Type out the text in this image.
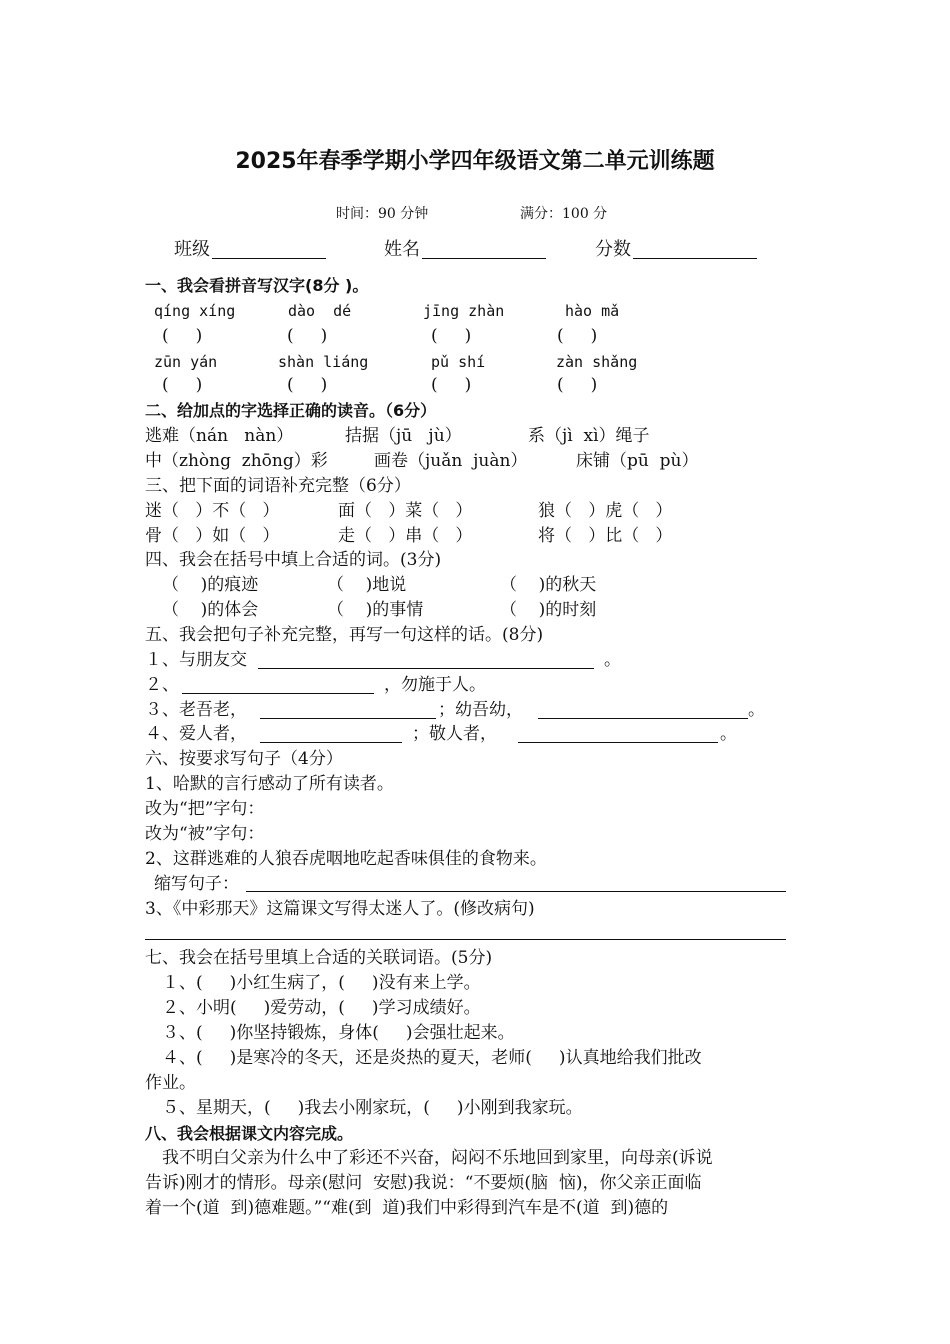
2025年春季学期小学四年级语文第二单元训练题
时间：90 分钟	满分：100 分
班级	姓名	分数
一、我会看拼音写汉字(8分 )。
qíng xíng	dào  dé	jīng zhàn	hào mǎ
(     )	(     )	(     )	(     )
zūn yán	shàn liáng	pǔ shí	zàn shǎng
(     )	(     )	(     )	(     )
二、给加点的字选择正确的读音。（6分）
逃难（nán   nàn）	拮据（jū   jù）	系（jì  xì）绳子
中（zhòng  zhōng）彩	画卷（juǎn  juàn）	床铺（pū  pù）
三、把下面的词语补充完整（6分）
迷（   ）不（   ）	面（   ）菜（   ）	狼（   ）虎（   ）
骨（   ）如（   ）	走（   ）串（   ）	将（   ）比（   ）
四、我会在括号中填上合适的词。(3分)
（    )的痕迹	（    )地说	（    )的秋天
（    )的体会	（    )的事情	（    )的时刻
五、我会把句子补充完整，再写一句这样的话。(8分)
１、与朋友交	。
２、	，勿施于人。
３、老吾老，	；幼吾幼，	。
４、爱人者，	；敬人者，	。
六、按要求写句子（4分）
1、哈默的言行感动了所有读者。
改为“把”字句：
改为“被”字句：
2、这群逃难的人狼吞虎咽地吃起香味俱佳的食物来。
缩写句子：
3、《中彩那天》这篇课文写得太迷人了。(修改病句)
七、我会在括号里填上合适的关联词语。(5分)
１、(     )小红生病了，(     )没有来上学。
２、小明(     )爱劳动，(     )学习成绩好。
３、(     )你坚持锻炼，身体(     )会强壮起来。
４、(     )是寒冷的冬天，还是炎热的夏天，老师(     )认真地给我们批改
作业。
５、星期天，(     )我去小刚家玩，(     )小刚到我家玩。
八、我会根据课文内容完成。
我不明白父亲为什么中了彩还不兴奋，闷闷不乐地回到家里，向母亲(诉说
告诉)刚才的情形。母亲(慰问  安慰)我说：“不要烦(脑  恼)，你父亲正面临
着一个(道  到)德难题。”“难(到  道)我们中彩得到汽车是不(道  到)德的
